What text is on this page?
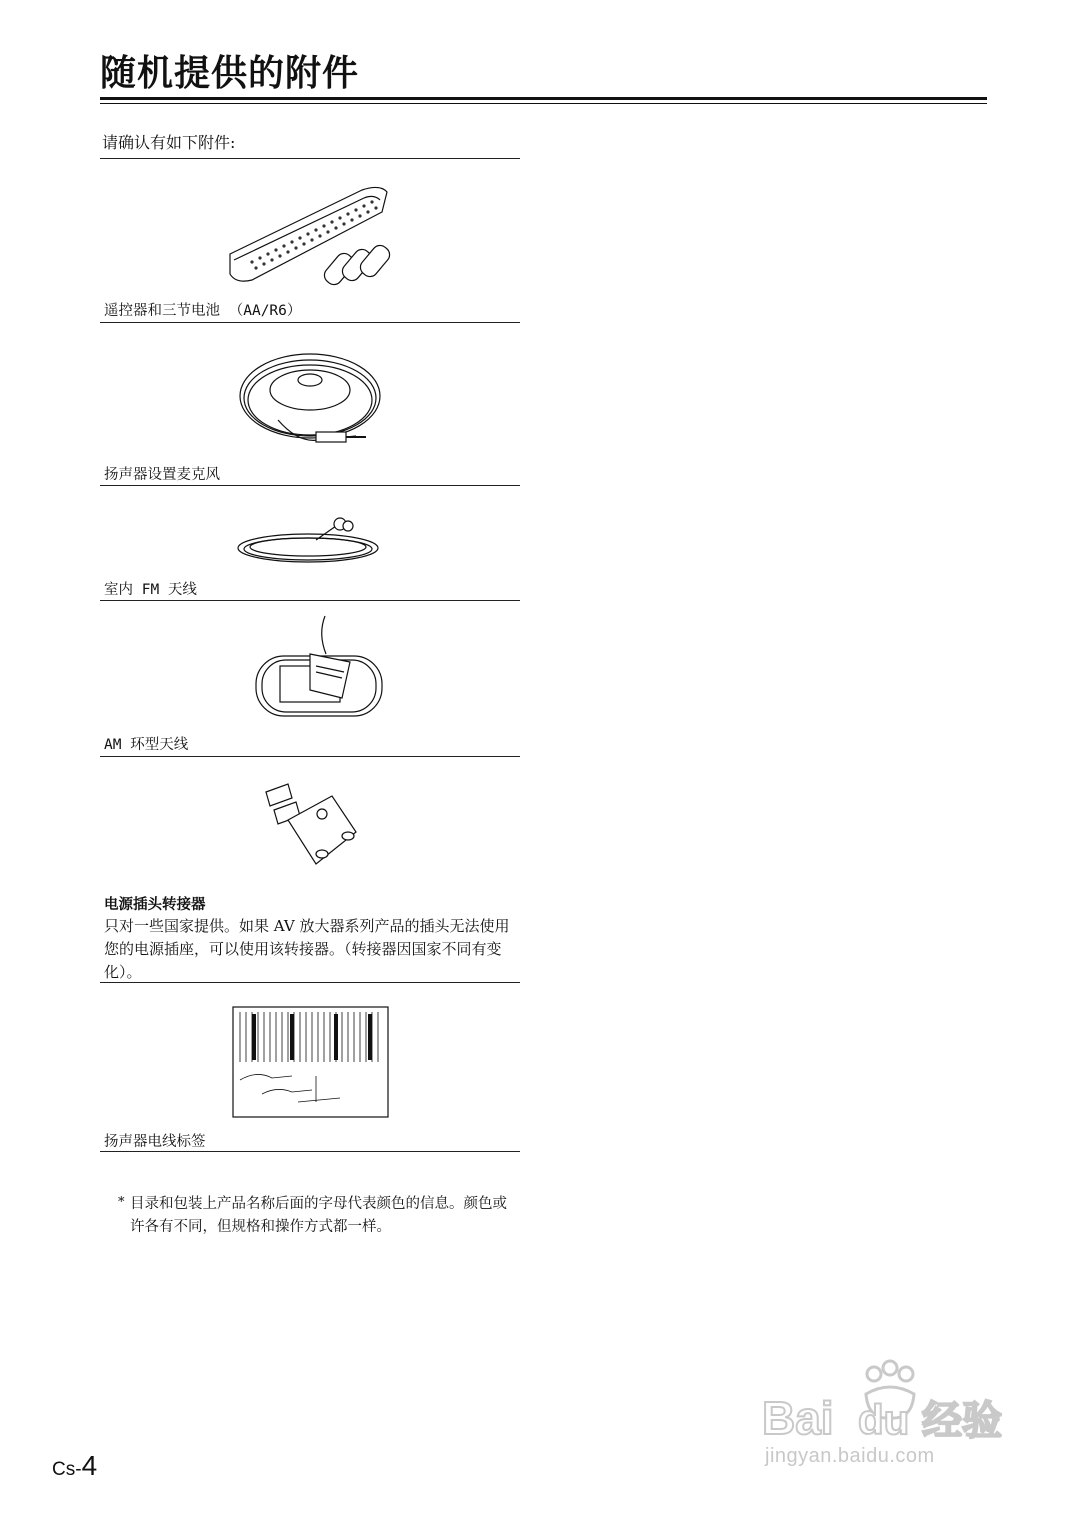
随机提供的附件
请确认有如下附件:
遥控器和三节电池 （AA/R6）
扬声器设置麦克风
室内 FM 天线
AM 环型天线
电源插头转接器
只对一些国家提供。如果 AV 放大器系列产品的插头无法使用您的电源插座，可以使用该转接器。（转接器因国家不同有变化）。
扬声器电线标签
* 目录和包装上产品名称后面的字母代表颜色的信息。颜色或许各有不同，但规格和操作方式都一样。
Cs-4
Bai du 经验
jingyan.baidu.com
